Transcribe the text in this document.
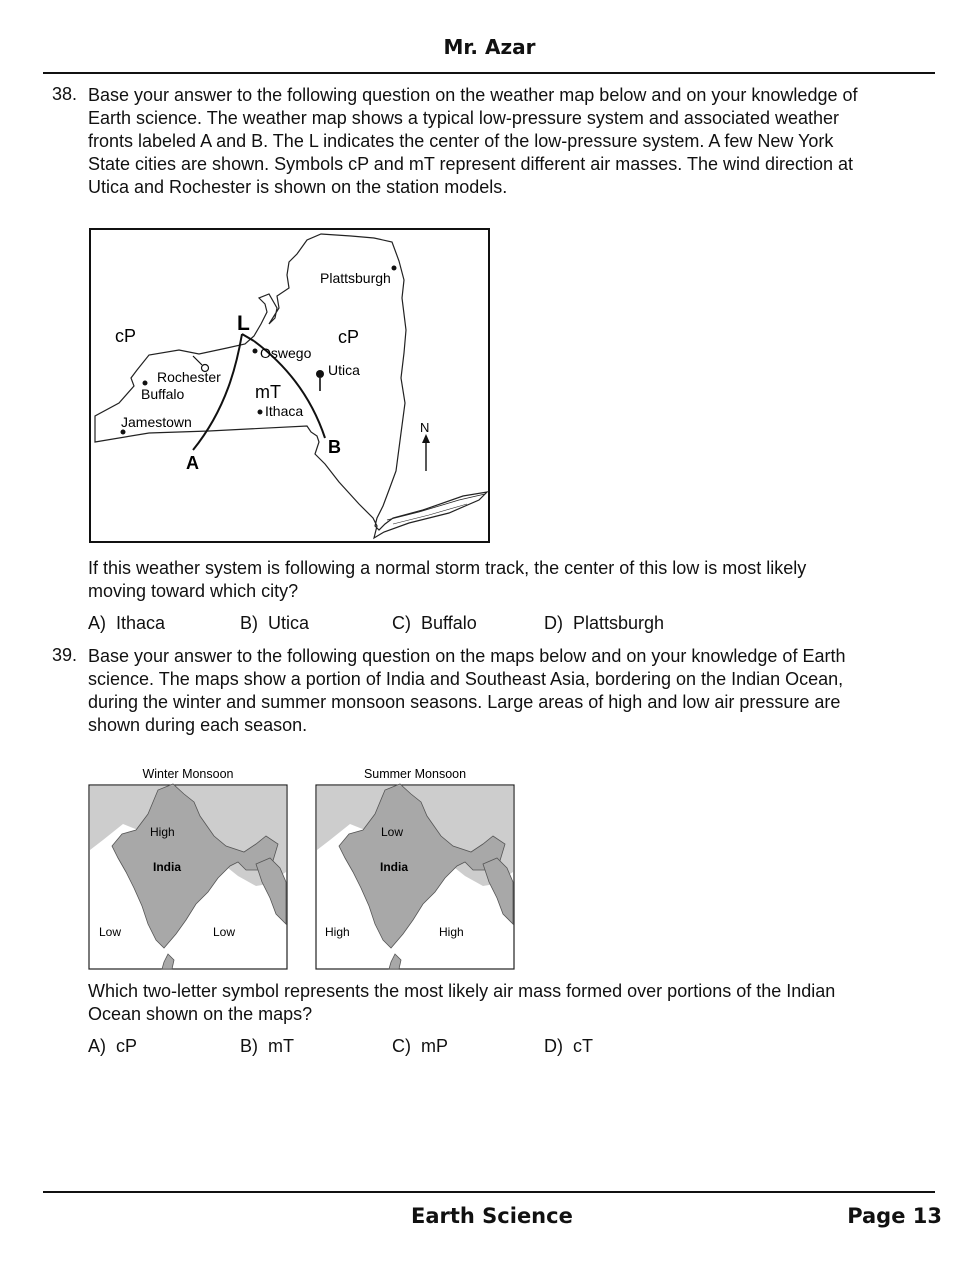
Mr. Azar
38. Base your answer to the following question on the weather map below and on your knowledge of Earth science. The weather map shows a typical low-pressure system and associated weather fronts labeled A and B. The L indicates the center of the low-pressure system. A few New York State cities are shown. Symbols cP and mT represent different air masses. The wind direction at Utica and Rochester is shown on the station models.
Plattsburgh
Oswego
Rochester
Buffalo
Jamestown
Ithaca
Utica
cP	cP
mT
L
A
B
N
If this weather system is following a normal storm track, the center of this low is most likely moving toward which city?
A) Ithaca	B) Utica	C) Buffalo	D) Plattsburgh
39. Base your answer to the following question on the maps below and on your knowledge of Earth science. The maps show a portion of India and Southeast Asia, bordering on the Indian Ocean, during the winter and summer monsoon seasons. Large areas of high and low air pressure are shown during each season.
Winter Monsoon
High
India
Low	Low
Summer Monsoon
Low
India
High	High
Which two-letter symbol represents the most likely air mass formed over portions of the Indian Ocean shown on the maps?
A) cP	B) mT	C) mP	D) cT
Earth Science	Page 13
